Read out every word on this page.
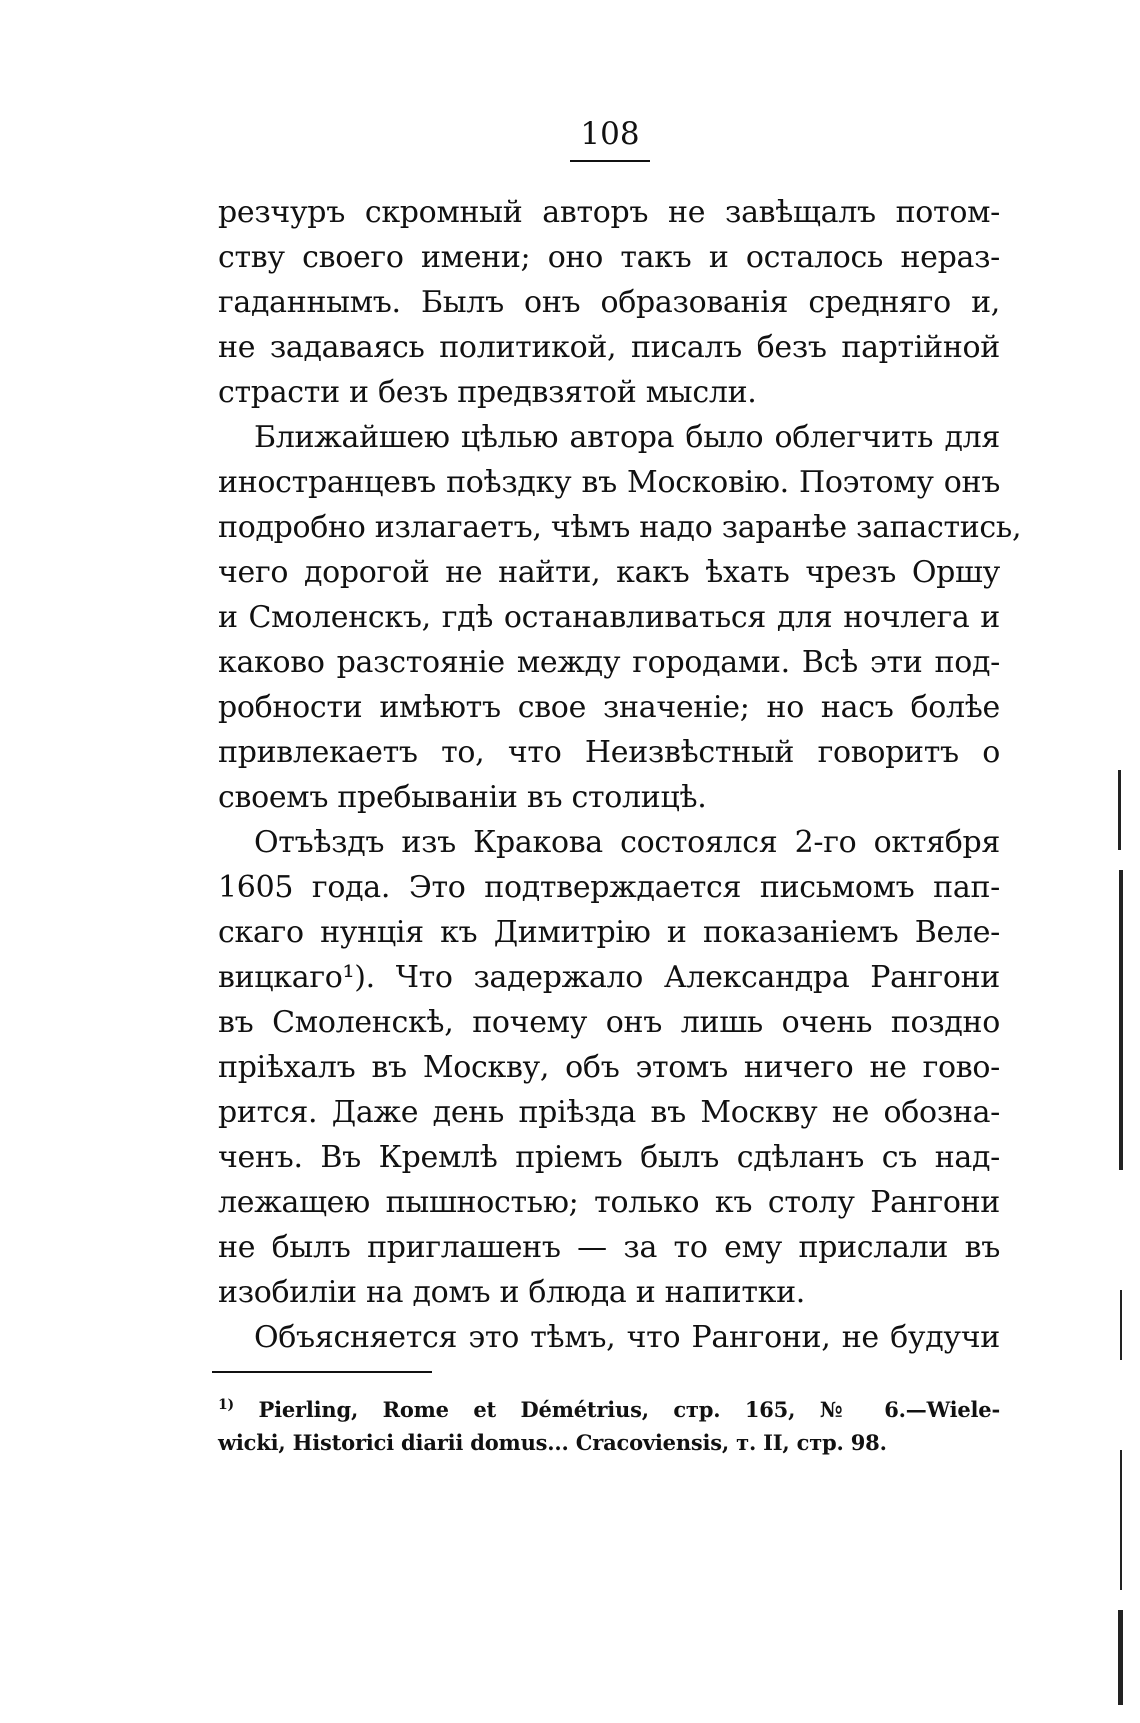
108
резчуръ скромный авторъ не завѣщалъ потом-
ству своего имени; оно такъ и осталось нераз-
гаданнымъ. Былъ онъ образованія средняго и,
не задаваясь политикой, писалъ безъ партійной
страсти и безъ предвзятой мысли.
Ближайшею цѣлью автора было облегчить для
иностранцевъ поѣздку въ Московію. Поэтому онъ
подробно излагаетъ, чѣмъ надо заранѣе запастись,
чего дорогой не найти, какъ ѣхать чрезъ Оршу
и Смоленскъ, гдѣ останавливаться для ночлега и
каково разстояніе между городами. Всѣ эти под-
робности имѣютъ свое значеніе; но насъ болѣе
привлекаетъ то, что Неизвѣстный говоритъ о
своемъ пребываніи въ столицѣ.
Отъѣздъ изъ Кракова состоялся 2-го октября
1605 года. Это подтверждается письмомъ пап-
скаго нунція къ Димитрію и показаніемъ Веле-
вицкаго¹). Что задержало Александра Рангони
въ Смоленскѣ, почему онъ лишь очень поздно
пріѣхалъ въ Москву, объ этомъ ничего не гово-
рится. Даже день пріѣзда въ Москву не обозна-
ченъ. Въ Кремлѣ пріемъ былъ сдѣланъ съ над-
лежащею пышностью; только къ столу Рангони
не былъ приглашенъ — за то ему прислали въ
изобиліи на домъ и блюда и напитки.
Объясняется это тѣмъ, что Рангони, не будучи
$^{1)}$ Pierling, Rome et Démétrius, стр. 165, № 6.—Wiele-
wicki, Historici diarii domus... Cracoviensis, т. II, стр. 98.
